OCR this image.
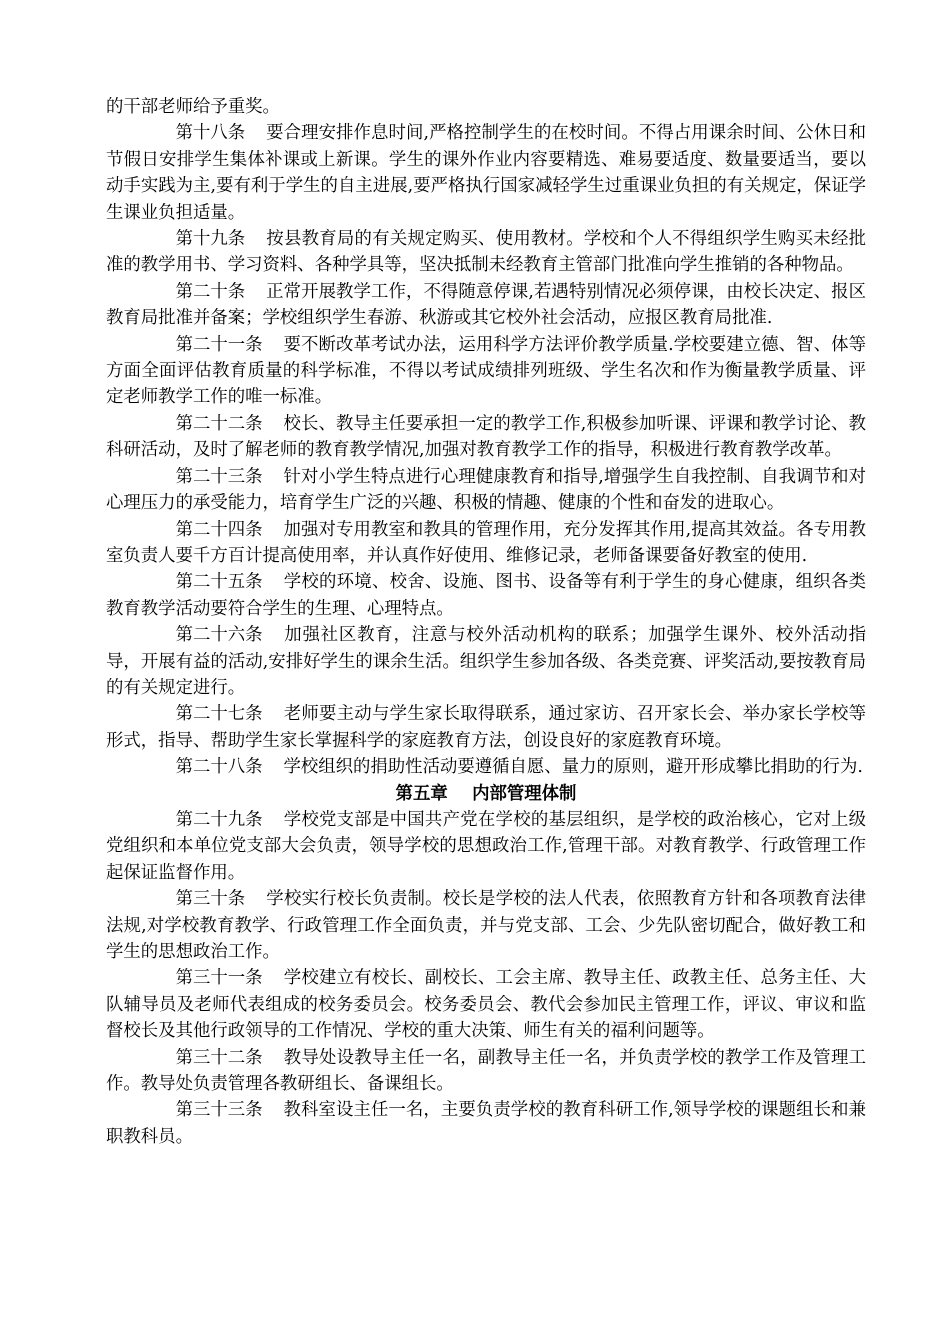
的干部老师给予重奖。

第十八条 要合理安排作息时间,严格控制学生的在校时间。不得占用课余时间、公休日和节假日安排学生集体补课或上新课。学生的课外作业内容要精选、难易要适度、数量要适当，要以动手实践为主,要有利于学生的自主进展,要严格执行国家减轻学生过重课业负担的有关规定，保证学生课业负担适量。

第十九条 按县教育局的有关规定购买、使用教材。学校和个人不得组织学生购买未经批准的教学用书、学习资料、各种学具等，坚决抵制未经教育主管部门批准向学生推销的各种物品。

第二十条 正常开展教学工作，不得随意停课,若遇特别情况必须停课，由校长决定、报区教育局批准并备案；学校组织学生春游、秋游或其它校外社会活动，应报区教育局批准.

第二十一条 要不断改革考试办法，运用科学方法评价教学质量.学校要建立德、智、体等方面全面评估教育质量的科学标准，不得以考试成绩排列班级、学生名次和作为衡量教学质量、评定老师教学工作的唯一标准。

第二十二条 校长、教导主任要承担一定的教学工作,积极参加听课、评课和教学讨论、教科研活动，及时了解老师的教育教学情况,加强对教育教学工作的指导，积极进行教育教学改革。

第二十三条 针对小学生特点进行心理健康教育和指导,增强学生自我控制、自我调节和对心理压力的承受能力，培育学生广泛的兴趣、积极的情趣、健康的个性和奋发的进取心。

第二十四条 加强对专用教室和教具的管理作用，充分发挥其作用,提高其效益。各专用教室负责人要千方百计提高使用率，并认真作好使用、维修记录，老师备课要备好教室的使用.

第二十五条 学校的环境、校舍、设施、图书、设备等有利于学生的身心健康，组织各类教育教学活动要符合学生的生理、心理特点。

第二十六条 加强社区教育，注意与校外活动机构的联系；加强学生课外、校外活动指导，开展有益的活动,安排好学生的课余生活。组织学生参加各级、各类竞赛、评奖活动,要按教育局的有关规定进行。

第二十七条 老师要主动与学生家长取得联系，通过家访、召开家长会、举办家长学校等形式，指导、帮助学生家长掌握科学的家庭教育方法，创设良好的家庭教育环境。

第二十八条 学校组织的捐助性活动要遵循自愿、量力的原则，避开形成攀比捐助的行为.

第五章 内部管理体制

第二十九条 学校党支部是中国共产党在学校的基层组织，是学校的政治核心，它对上级党组织和本单位党支部大会负责，领导学校的思想政治工作,管理干部。对教育教学、行政管理工作起保证监督作用。

第三十条 学校实行校长负责制。校长是学校的法人代表，依照教育方针和各项教育法律法规,对学校教育教学、行政管理工作全面负责，并与党支部、工会、少先队密切配合，做好教工和学生的思想政治工作。

第三十一条 学校建立有校长、副校长、工会主席、教导主任、政教主任、总务主任、大队辅导员及老师代表组成的校务委员会。校务委员会、教代会参加民主管理工作，评议、审议和监督校长及其他行政领导的工作情况、学校的重大决策、师生有关的福利问题等。

第三十二条 教导处设教导主任一名，副教导主任一名，并负责学校的教学工作及管理工作。教导处负责管理各教研组长、备课组长。

第三十三条 教科室设主任一名，主要负责学校的教育科研工作,领导学校的课题组长和兼职教科员。
